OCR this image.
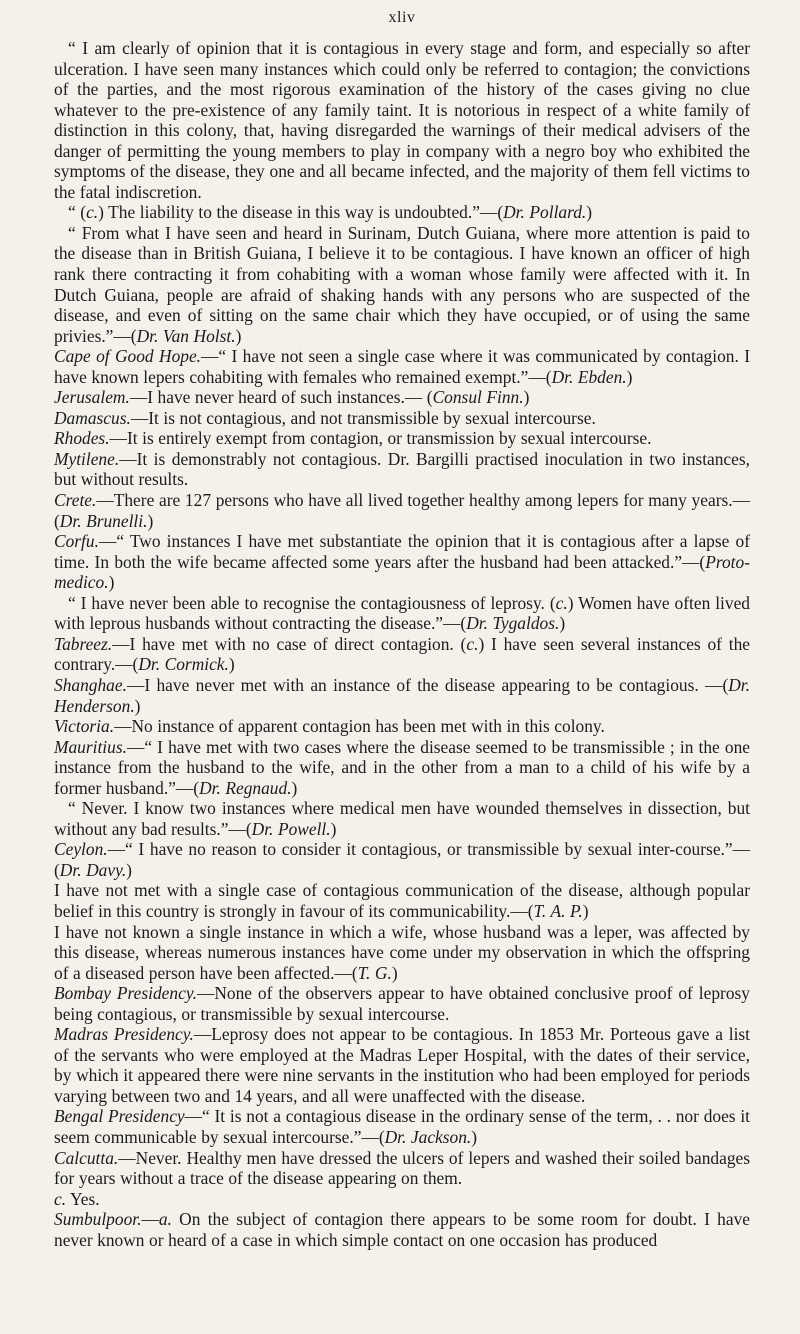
xliv

“ I am clearly of opinion that it is contagious in every stage and form, and especially so after ulceration. I have seen many instances which could only be referred to contagion; the convictions of the parties, and the most rigorous examination of the history of the cases giving no clue whatever to the pre-existence of any family taint. It is notorious in respect of a white family of distinction in this colony, that, having disregarded the warnings of their medical advisers of the danger of permitting the young members to play in company with a negro boy who exhibited the symptoms of the disease, they one and all became infected, and the majority of them fell victims to the fatal indiscretion.

“ (c.) The liability to the disease in this way is undoubted.”—(Dr. Pollard.)

“ From what I have seen and heard in Surinam, Dutch Guiana, where more attention is paid to the disease than in British Guiana, I believe it to be contagious. I have known an officer of high rank there contracting it from cohabiting with a woman whose family were affected with it. In Dutch Guiana, people are afraid of shaking hands with any persons who are suspected of the disease, and even of sitting on the same chair which they have occupied, or of using the same privies.”—(Dr. Van Holst.)

Cape of Good Hope.—“ I have not seen a single case where it was communicated by contagion. I have known lepers cohabiting with females who remained exempt.”—(Dr. Ebden.)

Jerusalem.—I have never heard of such instances.— (Consul Finn.)

Damascus.—It is not contagious, and not transmissible by sexual intercourse.

Rhodes.—It is entirely exempt from contagion, or transmission by sexual intercourse.

Mytilene.—It is demonstrably not contagious. Dr. Bargilli practised inoculation in two instances, but without results.

Crete.—There are 127 persons who have all lived together healthy among lepers for many years.—(Dr. Brunelli.)

Corfu.—“ Two instances I have met substantiate the opinion that it is contagious after a lapse of time. In both the wife became affected some years after the husband had been attacked.”—(Proto-medico.)

“ I have never been able to recognise the contagiousness of leprosy. (c.) Women have often lived with leprous husbands without contracting the disease.”—(Dr. Tygaldos.)

Tabreez.—I have met with no case of direct contagion. (c.) I have seen several instances of the contrary.—(Dr. Cormick.)

Shanghae.—I have never met with an instance of the disease appearing to be contagious. —(Dr. Henderson.)

Victoria.—No instance of apparent contagion has been met with in this colony.

Mauritius.—“ I have met with two cases where the disease seemed to be transmissible ; in the one instance from the husband to the wife, and in the other from a man to a child of his wife by a former husband.”—(Dr. Regnaud.)

“ Never. I know two instances where medical men have wounded themselves in dissection, but without any bad results.”—(Dr. Powell.)

Ceylon.—“ I have no reason to consider it contagious, or transmissible by sexual inter-course.”—(Dr. Davy.)

I have not met with a single case of contagious communication of the disease, although popular belief in this country is strongly in favour of its communicability.—(T. A. P.)

I have not known a single instance in which a wife, whose husband was a leper, was affected by this disease, whereas numerous instances have come under my observation in which the offspring of a diseased person have been affected.—(T. G.)

Bombay Presidency.—None of the observers appear to have obtained conclusive proof of leprosy being contagious, or transmissible by sexual intercourse.

Madras Presidency.—Leprosy does not appear to be contagious. In 1853 Mr. Porteous gave a list of the servants who were employed at the Madras Leper Hospital, with the dates of their service, by which it appeared there were nine servants in the institution who had been employed for periods varying between two and 14 years, and all were unaffected with the disease.

Bengal Presidency—“ It is not a contagious disease in the ordinary sense of the term, . . nor does it seem communicable by sexual intercourse.”—(Dr. Jackson.)

Calcutta.—Never. Healthy men have dressed the ulcers of lepers and washed their soiled bandages for years without a trace of the disease appearing on them.

c. Yes.

Sumbulpoor.—a. On the subject of contagion there appears to be some room for doubt. I have never known or heard of a case in which simple contact on one occasion has produced
